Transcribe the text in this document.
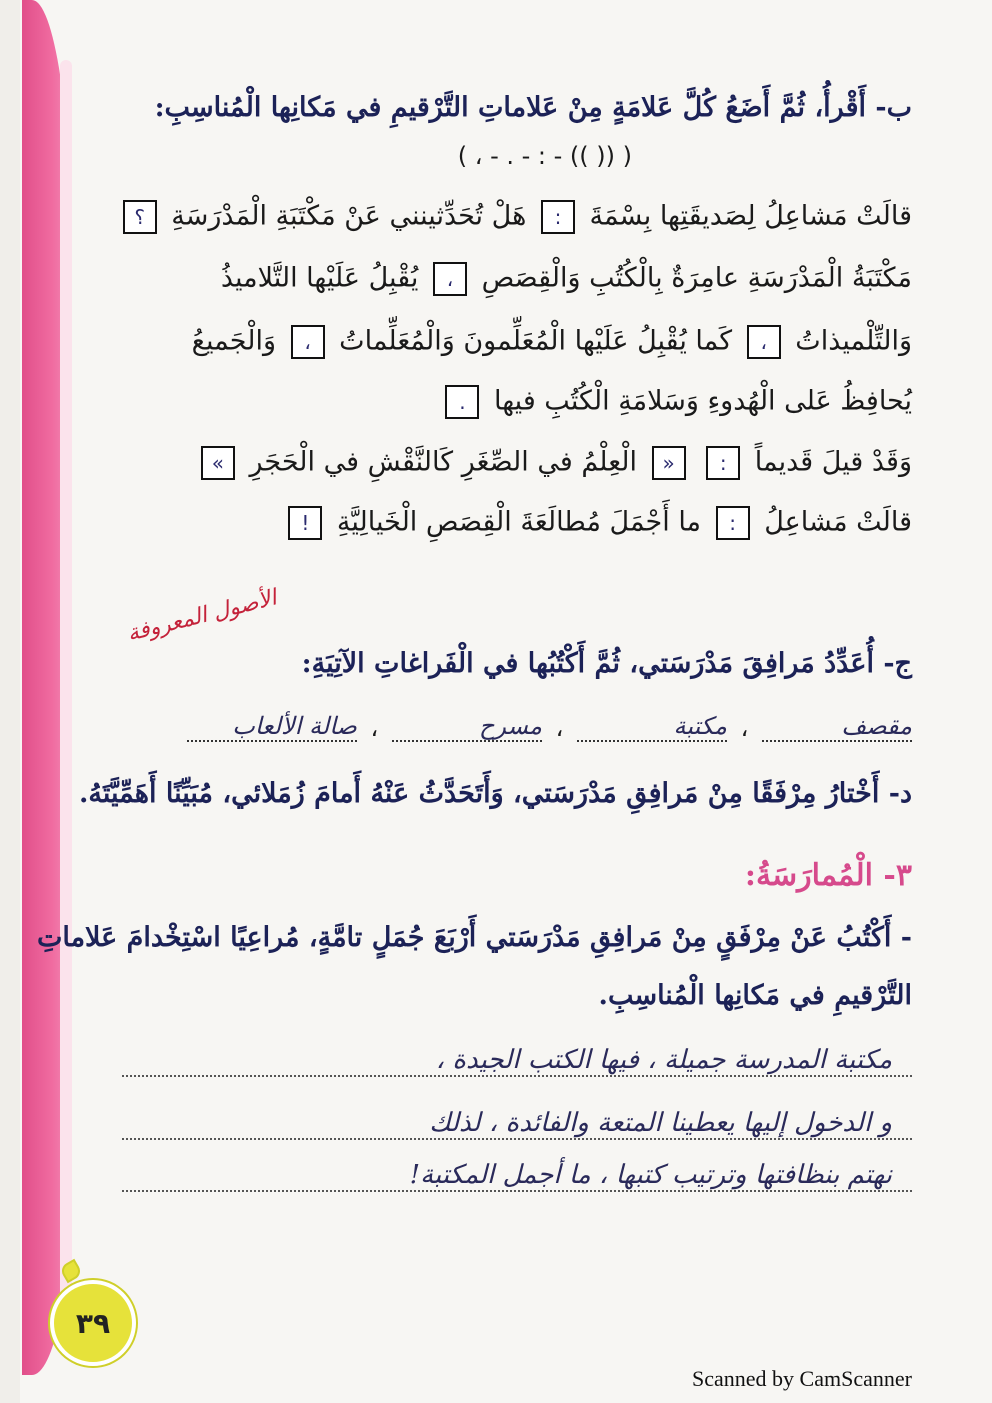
ب- أَقْرأُ، ثُمَّ أَضَعُ كُلَّ عَلامَةٍ مِنْ عَلاماتِ التَّرْقيمِ في مَكانِها الْمُناسِبِ:
( (( )) - : - . - ، )
قالَتْ مَشاعِلُ لِصَديقَتِها بِسْمَةَ : هَلْ تُحَدِّثينني عَنْ مَكْتَبَةِ الْمَدْرَسَةِ ؟
مَكْتَبَةُ الْمَدْرَسَةِ عامِرَةٌ بِالْكُتُبِ وَالْقِصَصِ ، يُقْبِلُ عَلَيْها التَّلاميذُ
وَالتِّلْميذاتُ ، كَما يُقْبِلُ عَلَيْها الْمُعَلِّمونَ وَالْمُعَلِّماتُ ، وَالْجَميعُ
يُحافِظُ عَلى الْهُدوءِ وَسَلامَةِ الْكُتُبِ فيها .
وَقَدْ قيلَ قَديماً : « الْعِلْمُ في الصِّغَرِ كَالنَّقْشِ في الْحَجَرِ »
قالَتْ مَشاعِلُ : ما أَجْمَلَ مُطالَعَةَ الْقِصَصِ الْخَيالِيَّةِ !
الأصول المعروفة
ج- أُعَدِّدُ مَرافِقَ مَدْرَسَتي، ثُمَّ أَكْتُبُها في الْفَراغاتِ الآتِيَةِ:
مقصف ، مكتبة ، مسرح ، صالة الألعاب
د- أَخْتارُ مِرْفَقًا مِنْ مَرافِقِ مَدْرَسَتي، وَأَتَحَدَّثُ عَنْهُ أَمامَ زُمَلائي، مُبَيِّنًا أَهَمِّيَّتَهُ.
٣- الْمُمارَسَةُ:
- أَكْتُبُ عَنْ مِرْفَقٍ مِنْ مَرافِقِ مَدْرَسَتي أَرْبَعَ جُمَلٍ تامَّةٍ، مُراعِيًا اسْتِخْدامَ عَلاماتِ
التَّرْقيمِ في مَكانِها الْمُناسِبِ.
مكتبة المدرسة جميلة ، فيها الكتب الجيدة ،
و الدخول إليها يعطينا المتعة والفائدة ، لذلك
نهتم بنظافتها وترتيب كتبها ، ما أجمل المكتبة!
٣٩
Scanned by CamScanner
